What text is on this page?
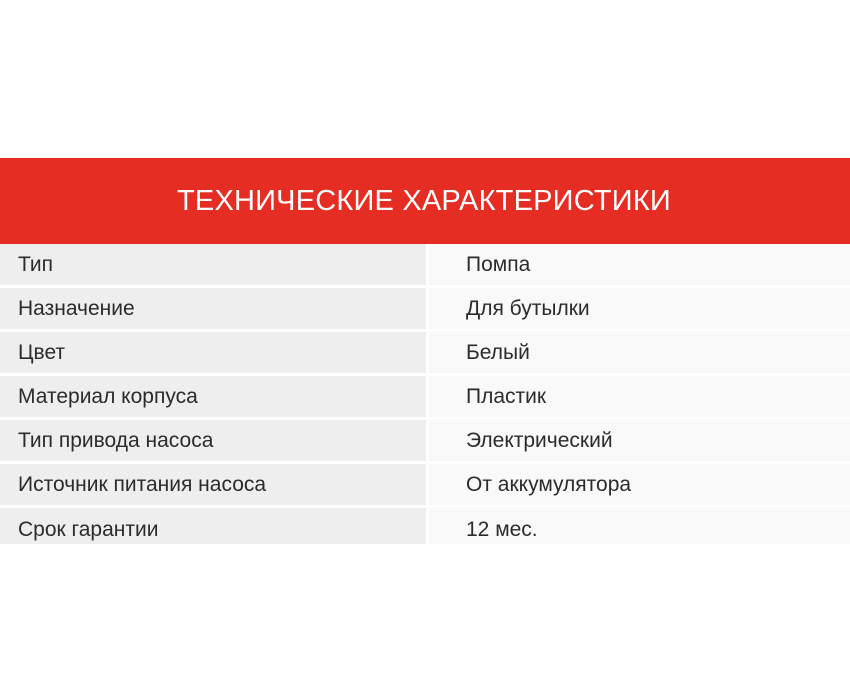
ТЕХНИЧЕСКИЕ ХАРАКТЕРИСТИКИ
Тип	Помпа
Назначение	Для бутылки
Цвет	Белый
Материал корпуса	Пластик
Тип привода насоса	Электрический
Источник питания насоса	От аккумулятора
Срок гарантии	12 мес.
